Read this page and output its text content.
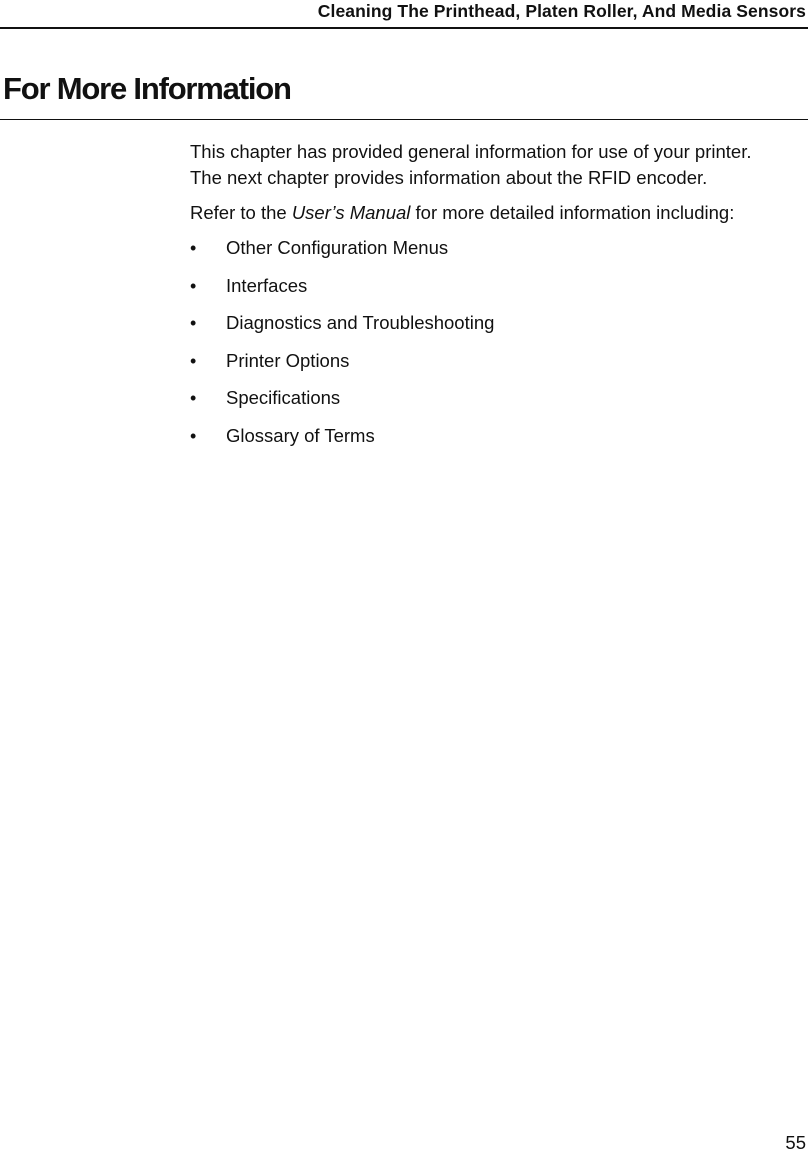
Cleaning The Printhead, Platen Roller, And Media Sensors
For More Information

This chapter has provided general information for use of your printer. The next chapter provides information about the RFID encoder.

Refer to the User’s Manual for more detailed information including:

• Other Configuration Menus
• Interfaces
• Diagnostics and Troubleshooting
• Printer Options
• Specifications
• Glossary of Terms
55
